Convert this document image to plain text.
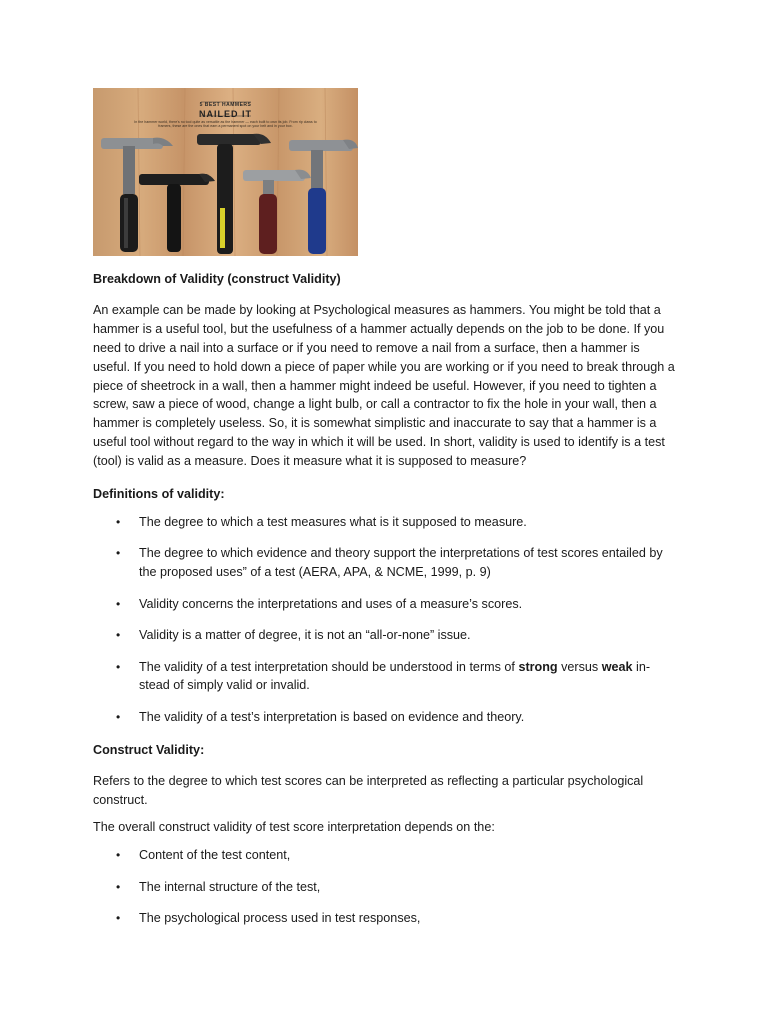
5 BEST HAMMERS
NAILED IT
In the hammer world, there's no tool quite as versatile as the hammer — each built to own its job. From rip claws to framers, these are the ones that earn a permanent spot on your belt and in your box.
Breakdown of Validity (construct Validity)

An example can be made by looking at Psychological measures as hammers. You might be told that a hammer is a useful tool, but the usefulness of a hammer actually depends on the job to be done. If you need to drive a nail into a surface or if you need to remove a nail from a surface, then a hammer is useful. If you need to hold down a piece of paper while you are working or if you need to break through a piece of sheetrock in a wall, then a hammer might indeed be useful. However, if you need to tighten a screw, saw a piece of wood, change a light bulb, or call a contractor to fix the hole in your wall, then a hammer is completely useless. So, it is somewhat simplistic and inaccurate to say that a hammer is a useful tool without regard to the way in which it will be used. In short, validity is used to identify is a test (tool) is valid as a measure. Does it measure what it is supposed to measure?

Definitions of validity:
• The degree to which a test measures what is it supposed to measure.
• The degree to which evidence and theory support the interpretations of test scores entailed by the proposed uses” of a test (AERA, APA, & NCME, 1999, p. 9)
• Validity concerns the interpretations and uses of a measure’s scores.
• Validity is a matter of degree, it is not an “all-or-none” issue.
• The validity of a test interpretation should be understood in terms of strong versus weak in-stead of simply valid or invalid.
• The validity of a test’s interpretation is based on evidence and theory.
Construct Validity:

Refers to the degree to which test scores can be interpreted as reflecting a particular psychological construct.

The overall construct validity of test score interpretation depends on the:

• Content of the test content,
• The internal structure of the test,
• The psychological process used in test responses,
